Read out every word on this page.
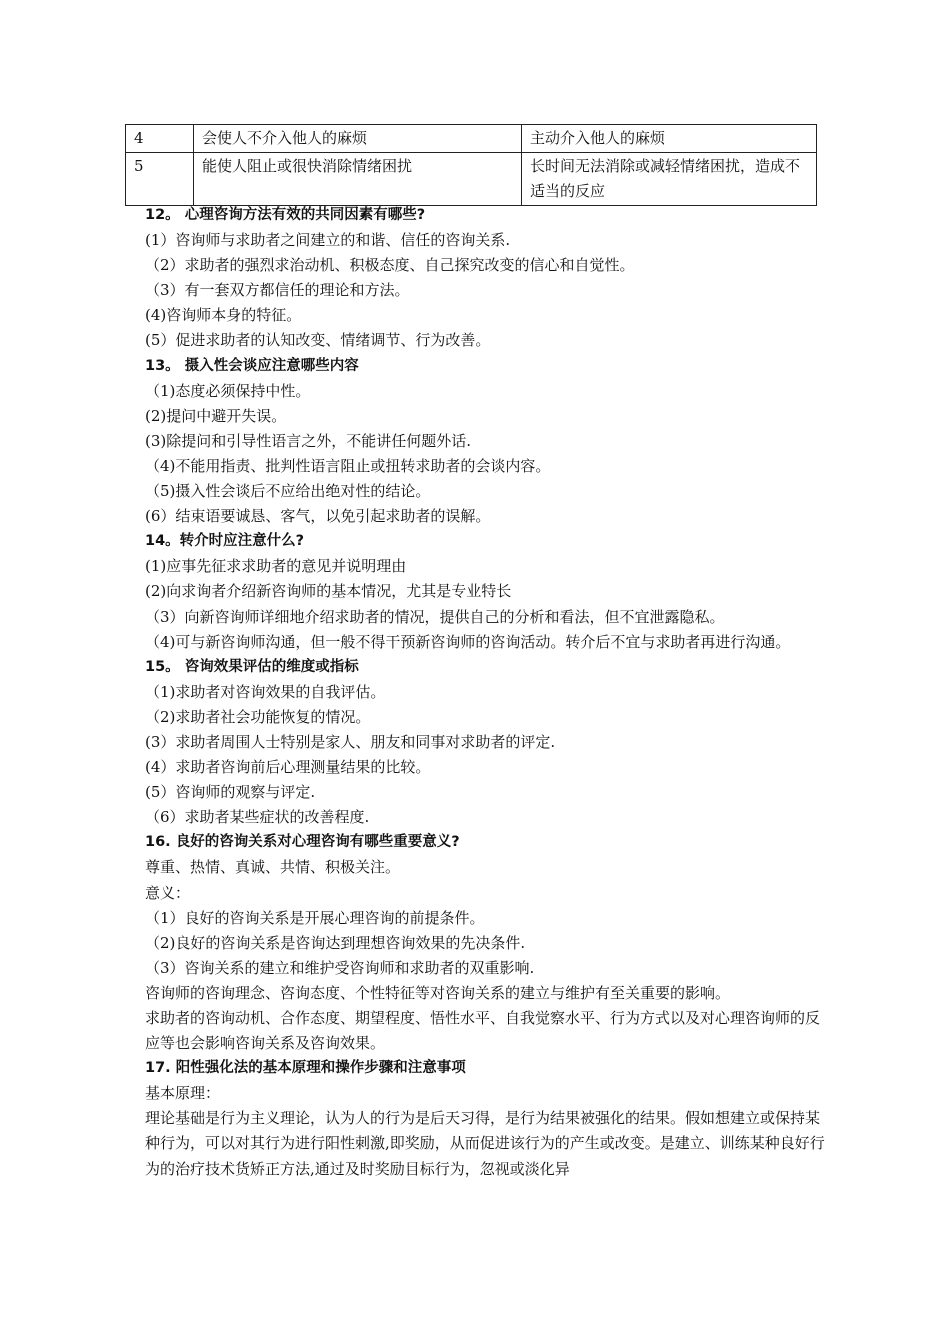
4	会使人不介入他人的麻烦	主动介入他人的麻烦
5	能使人阻止或很快消除情绪困扰	长时间无法消除或减轻情绪困扰，造成不适当的反应

12。 心理咨询方法有效的共同因素有哪些?

(1）咨询师与求助者之间建立的和谐、信任的咨询关系.

（2）求助者的强烈求治动机、积极态度、自己探究改变的信心和自觉性。

（3）有一套双方都信任的理论和方法。

(4)咨询师本身的特征。

(5）促进求助者的认知改变、情绪调节、行为改善。

13。 摄入性会谈应注意哪些内容

（1)态度必须保持中性。

(2)提问中避开失误。

(3)除提问和引导性语言之外，不能讲任何题外话.

（4)不能用指责、批判性语言阻止或扭转求助者的会谈内容。

（5)摄入性会谈后不应给出绝对性的结论。

(6）结束语要诚恳、客气，以免引起求助者的误解。

14。转介时应注意什么?

(1)应事先征求求助者的意见并说明理由

(2)向求询者介绍新咨询师的基本情况，尤其是专业特长

（3）向新咨询师详细地介绍求助者的情况，提供自己的分析和看法，但不宜泄露隐私。

（4)可与新咨询师沟通，但一般不得干预新咨询师的咨询活动。转介后不宜与求助者再进行沟通。

15。 咨询效果评估的维度或指标

（1)求助者对咨询效果的自我评估。

（2)求助者社会功能恢复的情况。

(3）求助者周围人士特别是家人、朋友和同事对求助者的评定.

(4）求助者咨询前后心理测量结果的比较。

(5）咨询师的观察与评定.

（6）求助者某些症状的改善程度.

16. 良好的咨询关系对心理咨询有哪些重要意义?

尊重、热情、真诚、共情、积极关注。

意义：

（1）良好的咨询关系是开展心理咨询的前提条件。

（2)良好的咨询关系是咨询达到理想咨询效果的先决条件.

（3）咨询关系的建立和维护受咨询师和求助者的双重影响.

咨询师的咨询理念、咨询态度、个性特征等对咨询关系的建立与维护有至关重要的影响。

求助者的咨询动机、合作态度、期望程度、悟性水平、自我觉察水平、行为方式以及对心理咨询师的反应等也会影响咨询关系及咨询效果。

17. 阳性强化法的基本原理和操作步骤和注意事项

基本原理：

理论基础是行为主义理论，认为人的行为是后天习得，是行为结果被强化的结果。假如想建立或保持某种行为，可以对其行为进行阳性刺激,即奖励，从而促进该行为的产生或改变。是建立、训练某种良好行为的治疗技术货矫正方法,通过及时奖励目标行为，忽视或淡化异
